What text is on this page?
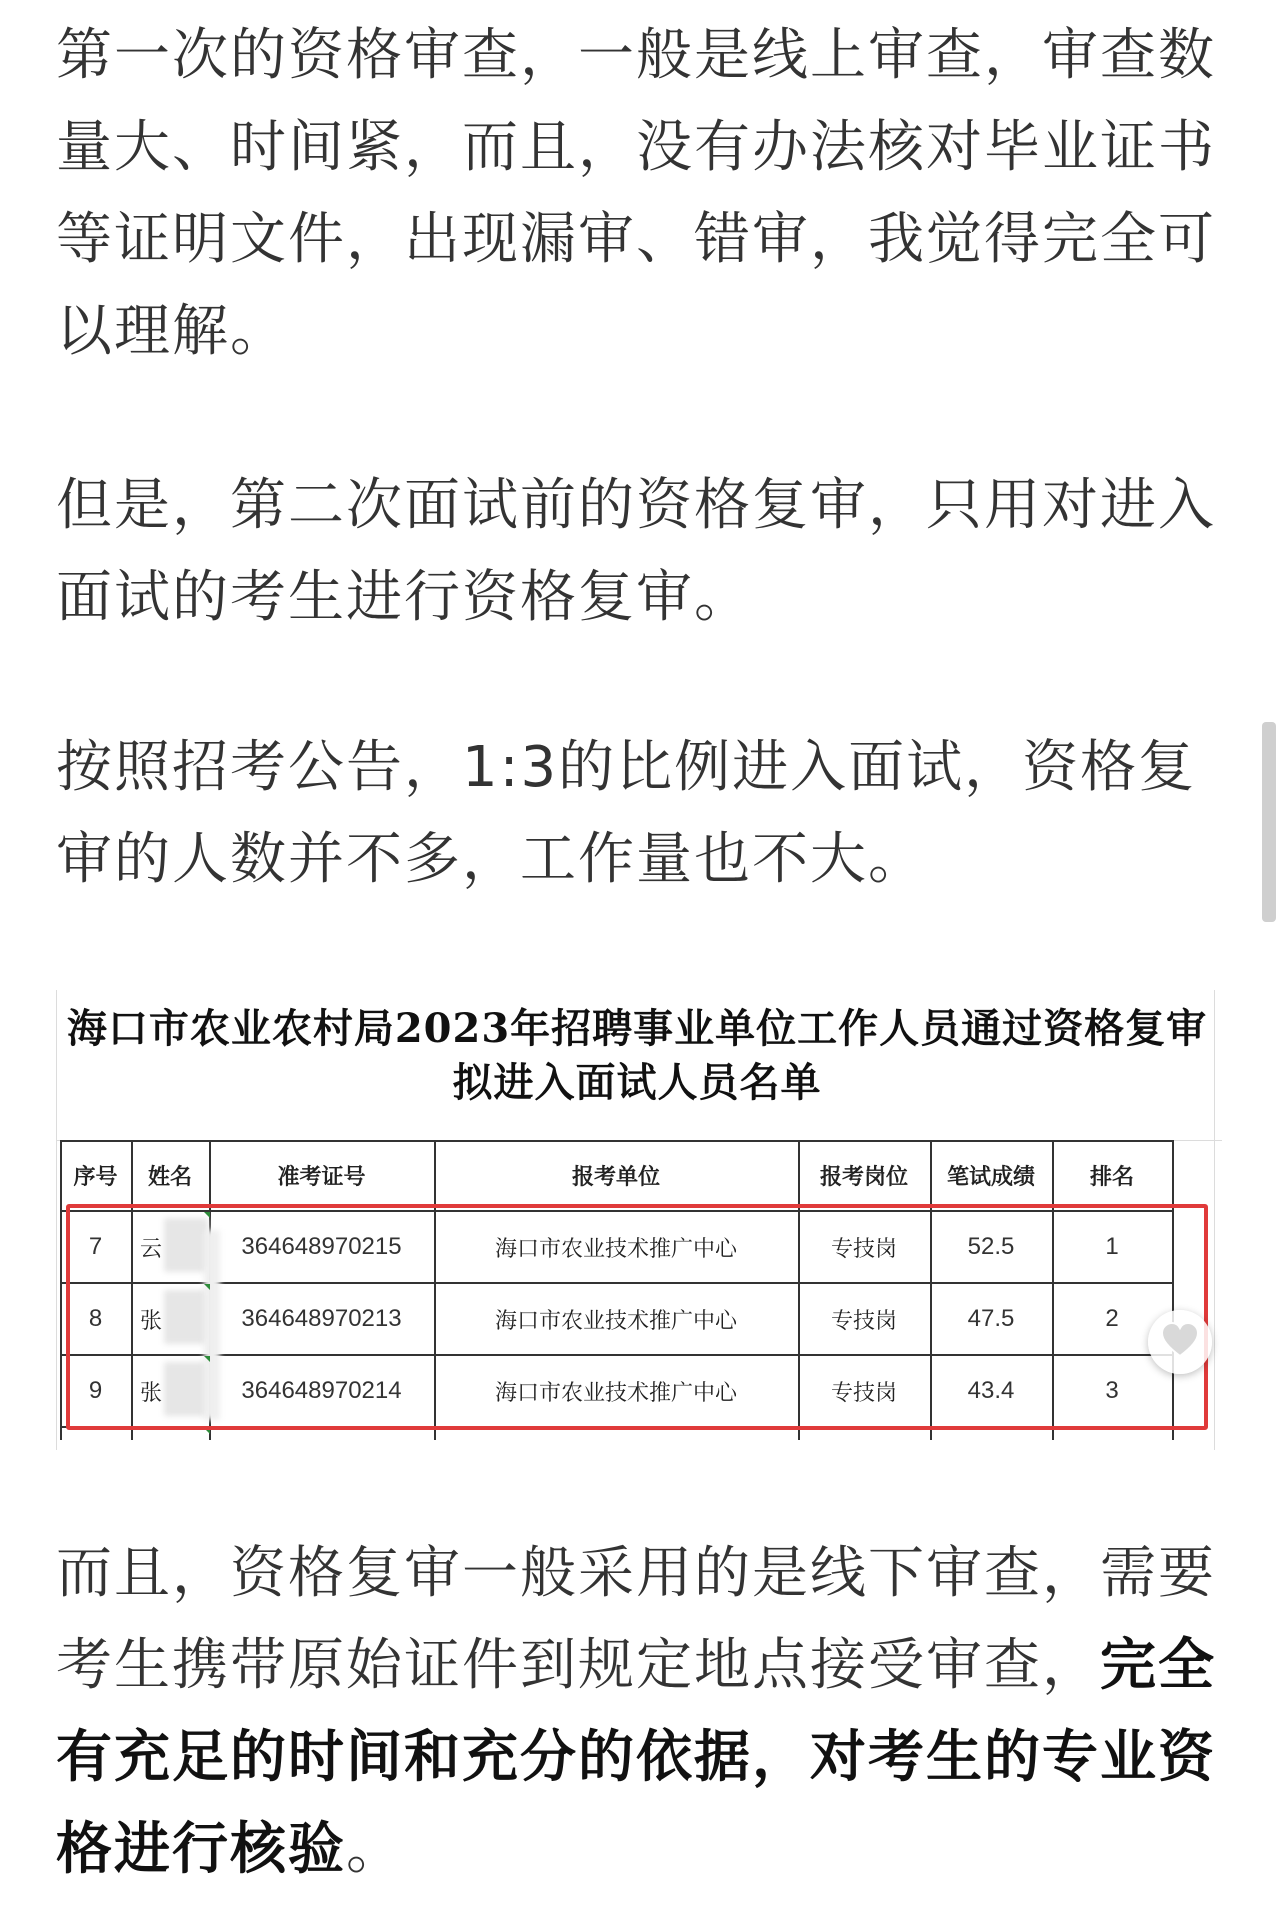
第一次的资格审查，一般是线上审查，审查数量大、时间紧，而且，没有办法核对毕业证书等证明文件，出现漏审、错审，我觉得完全可以理解。

但是，第二次面试前的资格复审，只用对进入面试的考生进行资格复审。

按照招考公告，1:3的比例进入面试，资格复审的人数并不多，工作量也不大。

海口市农业农村局2023年招聘事业单位工作人员通过资格复审拟进入面试人员名单
序号	姓名	准考证号	报考单位	报考岗位	笔试成绩	排名
7	云	364648970215	海口市农业技术推广中心	专技岗	52.5	1
8	张	364648970213	海口市农业技术推广中心	专技岗	47.5	2
9	张	364648970214	海口市农业技术推广中心	专技岗	43.4	3

而且，资格复审一般采用的是线下审查，需要考生携带原始证件到规定地点接受审查，完全有充足的时间和充分的依据，对考生的专业资格进行核验。
